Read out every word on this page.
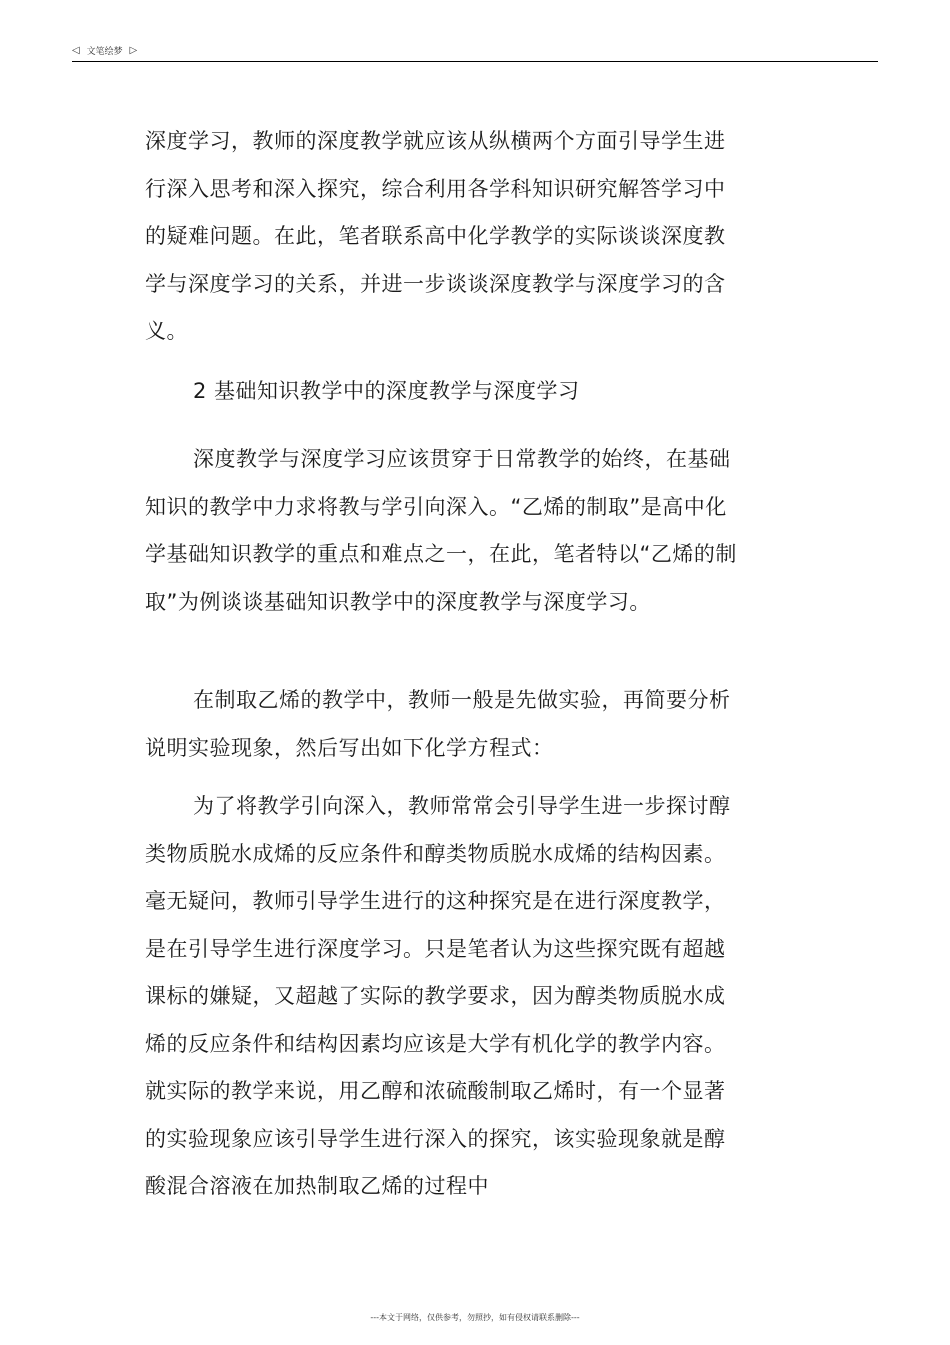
◁ 文笔绘梦 ▷

深度学习，教师的深度教学就应该从纵横两个方面引导学生进行深入思考和深入探究，综合利用各学科知识研究解答学习中的疑难问题。在此，笔者联系高中化学教学的实际谈谈深度教学与深度学习的关系，并进一步谈谈深度教学与深度学习的含义。

2 基础知识教学中的深度教学与深度学习

深度教学与深度学习应该贯穿于日常教学的始终，在基础知识的教学中力求将教与学引向深入。“乙烯的制取”是高中化学基础知识教学的重点和难点之一，在此，笔者特以“乙烯的制取”为例谈谈基础知识教学中的深度教学与深度学习。

在制取乙烯的教学中，教师一般是先做实验，再简要分析说明实验现象，然后写出如下化学方程式：

为了将教学引向深入，教师常常会引导学生进一步探讨醇类物质脱水成烯的反应条件和醇类物质脱水成烯的结构因素。毫无疑问，教师引导学生进行的这种探究是在进行深度教学，是在引导学生进行深度学习。只是笔者认为这些探究既有超越课标的嫌疑，又超越了实际的教学要求，因为醇类物质脱水成烯的反应条件和结构因素均应该是大学有机化学的教学内容。就实际的教学来说，用乙醇和浓硫酸制取乙烯时，有一个显著的实验现象应该引导学生进行深入的探究，该实验现象就是醇酸混合溶液在加热制取乙烯的过程中

---本文于网络，仅供参考，勿照抄，如有侵权请联系删除---
